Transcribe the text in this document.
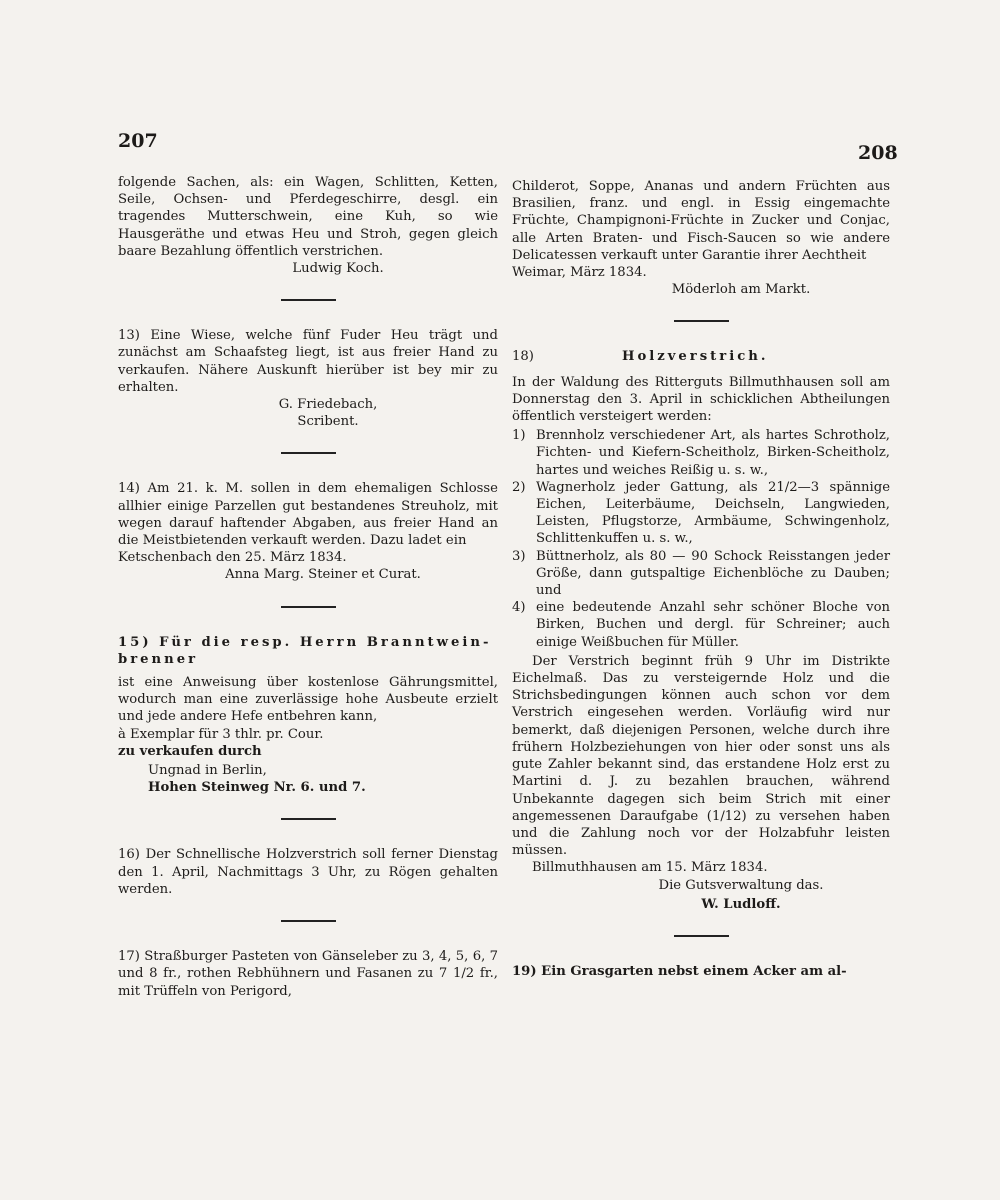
207
208

folgende Sachen, als: ein Wagen, Schlitten, Ketten, Seile, Ochsen- und Pferdegeschirre, desgl. ein tragendes Mutterschwein, eine Kuh, so wie Hausgeräthe und etwas Heu und Stroh, gegen gleich baare Bezahlung öffentlich verstrichen.

Ludwig Koch.

13) Eine Wiese, welche fünf Fuder Heu trägt und zunächst am Schaafsteg liegt, ist aus freier Hand zu verkaufen. Nähere Auskunft hierüber ist bey mir zu erhalten.

G. Friedebach,

Scribent.

14) Am 21. k. M. sollen in dem ehemaligen Schlosse allhier einige Parzellen gut bestandenes Streuholz, mit wegen darauf haftender Abgaben, aus freier Hand an die Meistbietenden verkauft werden. Dazu ladet ein

Ketschenbach den 25. März 1834.

Anna Marg. Steiner et Curat.

15) Für die resp. Herrn Branntwein-

brenner

ist eine Anweisung über kostenlose Gährungsmittel, wodurch man eine zuverlässige hohe Ausbeute erzielt und jede andere Hefe entbehren kann,

à Exemplar für 3 thlr. pr. Cour.

zu verkaufen durch

Ungnad in Berlin,

Hohen Steinweg Nr. 6. und 7.

16) Der Schnellische Holzverstrich soll ferner Dienstag den 1. April, Nachmittags 3 Uhr, zu Rögen gehalten werden.

17) Straßburger Pasteten von Gänseleber zu 3, 4, 5, 6, 7 und 8 fr., rothen Rebhühnern und Fasanen zu 7 1/2 fr., mit Trüffeln von Perigord,

Childerot, Soppe, Ananas und andern Früchten aus Brasilien, franz. und engl. in Essig eingemachte Früchte, Champignoni-Früchte in Zucker und Conjac, alle Arten Braten- und Fisch-Saucen so wie andere Delicatessen verkauft unter Garantie ihrer Aechtheit

Weimar, März 1834.

Möderloh am Markt.

18)	Holzverstrich.

In der Waldung des Ritterguts Billmuthhausen soll am Donnerstag den 3. April in schicklichen Abtheilungen öffentlich versteigert werden:

1) Brennholz verschiedener Art, als hartes Schrotholz, Fichten- und Kiefern-Scheitholz, Birken-Scheitholz, hartes und weiches Reißig u. s. w.,
2) Wagnerholz jeder Gattung, als 21/2—3 spännige Eichen, Leiterbäume, Deichseln, Langwieden, Leisten, Pflugstorze, Armbäume, Schwingenholz, Schlittenkuffen u. s. w.,
3) Büttnerholz, als 80 — 90 Schock Reisstangen jeder Größe, dann gutspaltige Eichenblöche zu Dauben; und
4) eine bedeutende Anzahl sehr schöner Bloche von Birken, Buchen und dergl. für Schreiner; auch einige Weißbuchen für Müller.

Der Verstrich beginnt früh 9 Uhr im Distrikte Eichelmaß. Das zu versteigernde Holz und die Strichsbedingungen können auch schon vor dem Verstrich eingesehen werden. Vorläufig wird nur bemerkt, daß diejenigen Personen, welche durch ihre frühern Holzbeziehungen von hier oder sonst uns als gute Zahler bekannt sind, das erstandene Holz erst zu Martini d. J. zu bezahlen brauchen, während Unbekannte dagegen sich beim Strich mit einer angemessenen Daraufgabe (1/12) zu versehen haben und die Zahlung noch vor der Holzabfuhr leisten müssen.

Billmuthhausen am 15. März 1834.

Die Gutsverwaltung das.

W. Ludloff.

19) Ein Grasgarten nebst einem Acker am al-
